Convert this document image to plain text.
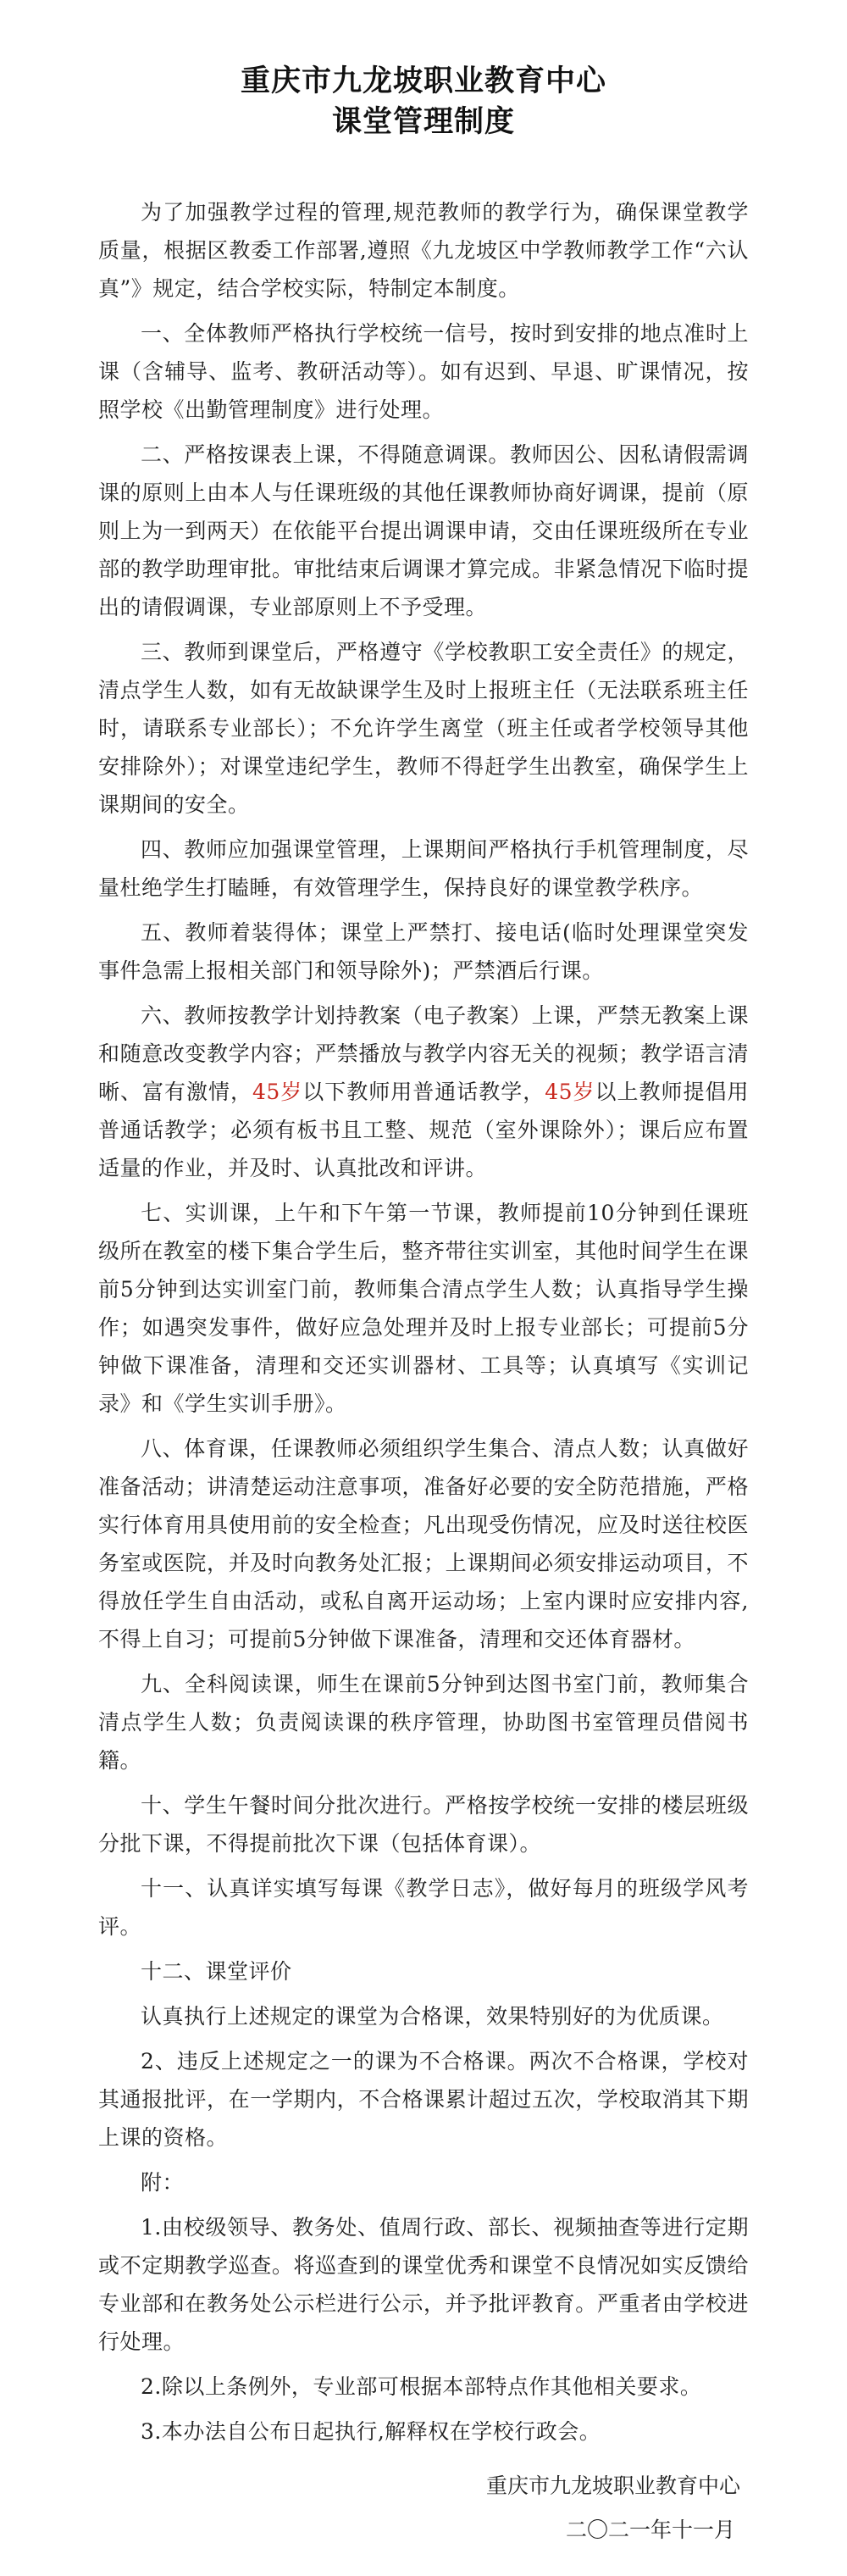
重庆市九龙坡职业教育中心
课堂管理制度

为了加强教学过程的管理,规范教师的教学行为，确保课堂教学质量，根据区教委工作部署,遵照《九龙坡区中学教师教学工作“六认真”》规定，结合学校实际，特制定本制度。

一、全体教师严格执行学校统一信号，按时到安排的地点准时上课（含辅导、监考、教研活动等）。如有迟到、早退、旷课情况，按照学校《出勤管理制度》进行处理。

二、严格按课表上课，不得随意调课。教师因公、因私请假需调课的原则上由本人与任课班级的其他任课教师协商好调课，提前（原则上为一到两天）在依能平台提出调课申请，交由任课班级所在专业部的教学助理审批。审批结束后调课才算完成。非紧急情况下临时提出的请假调课，专业部原则上不予受理。

三、教师到课堂后，严格遵守《学校教职工安全责任》的规定，清点学生人数，如有无故缺课学生及时上报班主任（无法联系班主任时，请联系专业部长）；不允许学生离堂（班主任或者学校领导其他安排除外）；对课堂违纪学生，教师不得赶学生出教室，确保学生上课期间的安全。

四、教师应加强课堂管理，上课期间严格执行手机管理制度，尽量杜绝学生打瞌睡，有效管理学生，保持良好的课堂教学秩序。

五、教师着装得体；课堂上严禁打、接电话(临时处理课堂突发事件急需上报相关部门和领导除外)；严禁酒后行课。

六、教师按教学计划持教案（电子教案）上课，严禁无教案上课和随意改变教学内容；严禁播放与教学内容无关的视频；教学语言清晰、富有激情，45岁以下教师用普通话教学，45岁以上教师提倡用普通话教学；必须有板书且工整、规范（室外课除外）；课后应布置适量的作业，并及时、认真批改和评讲。

七、实训课，上午和下午第一节课，教师提前10分钟到任课班级所在教室的楼下集合学生后，整齐带往实训室，其他时间学生在课前5分钟到达实训室门前，教师集合清点学生人数；认真指导学生操作；如遇突发事件，做好应急处理并及时上报专业部长；可提前5分钟做下课准备，清理和交还实训器材、工具等；认真填写《实训记录》和《学生实训手册》。

八、体育课，任课教师必须组织学生集合、清点人数；认真做好准备活动；讲清楚运动注意事项，准备好必要的安全防范措施，严格实行体育用具使用前的安全检查；凡出现受伤情况，应及时送往校医务室或医院，并及时向教务处汇报；上课期间必须安排运动项目，不得放任学生自由活动，或私自离开运动场；上室内课时应安排内容,不得上自习；可提前5分钟做下课准备，清理和交还体育器材。

九、全科阅读课，师生在课前5分钟到达图书室门前，教师集合清点学生人数；负责阅读课的秩序管理，协助图书室管理员借阅书籍。

十、学生午餐时间分批次进行。严格按学校统一安排的楼层班级分批下课，不得提前批次下课（包括体育课）。

十一、认真详实填写每课《教学日志》，做好每月的班级学风考评。

十二、课堂评价

认真执行上述规定的课堂为合格课，效果特别好的为优质课。

2、违反上述规定之一的课为不合格课。两次不合格课，学校对其通报批评，在一学期内，不合格课累计超过五次，学校取消其下期上课的资格。

附：

1.由校级领导、教务处、值周行政、部长、视频抽查等进行定期或不定期教学巡查。将巡查到的课堂优秀和课堂不良情况如实反馈给专业部和在教务处公示栏进行公示，并予批评教育。严重者由学校进行处理。

2.除以上条例外，专业部可根据本部特点作其他相关要求。

3.本办法自公布日起执行,解释权在学校行政会。

重庆市九龙坡职业教育中心
二〇二一年十一月
